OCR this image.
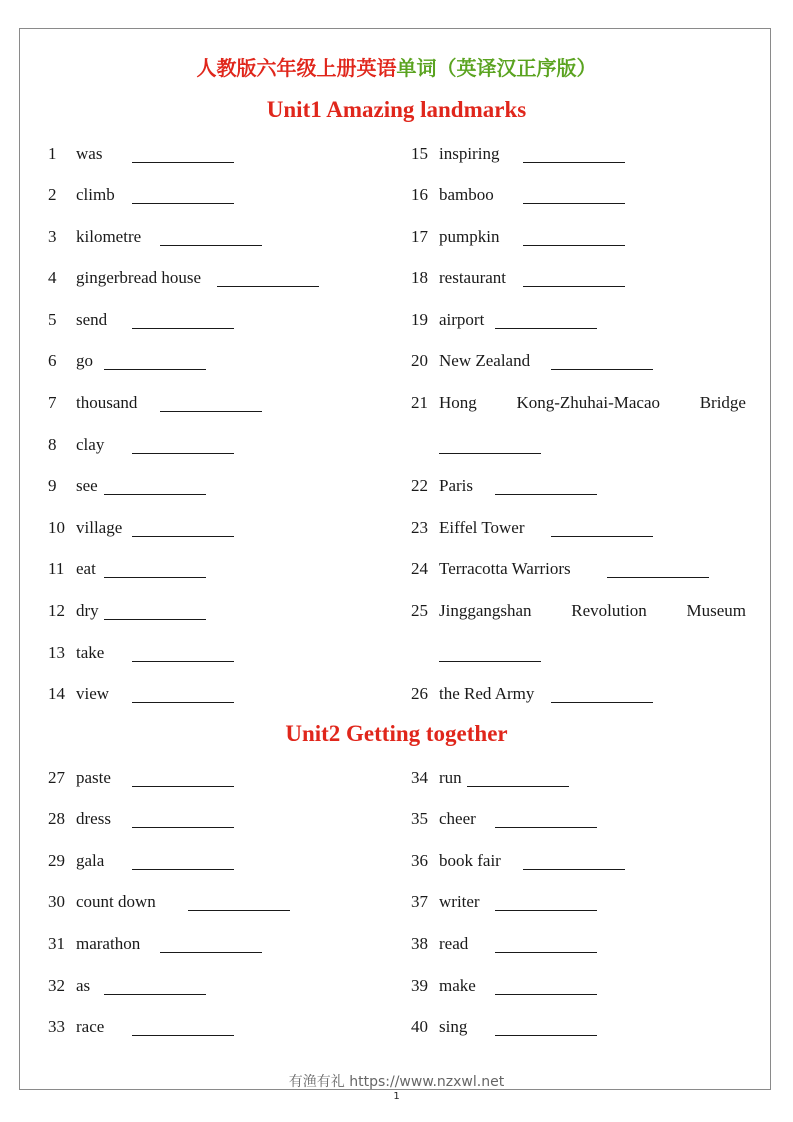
人教版六年级上册英语单词（英译汉正序版）
Unit1 Amazing landmarks
Unit2 Getting together
1 was
2 climb
3 kilometre
4 gingerbread house
5 send
6 go
7 thousand
8 clay
9 see
10 village
11 eat
12 dry
13 take
14 view
27 paste
28 dress
29 gala
30 count down
31 marathon
32 as
33 race
15 inspiring
16 bamboo
17 pumpkin
18 restaurant
19 airport
20 New Zealand
21 Hong Kong-Zhuhai-Macao Bridge
22 Paris
23 Eiffel Tower
24 Terracotta Warriors
25 Jinggangshan Revolution Museum
26 the Red Army
34 run
35 cheer
36 book fair
37 writer
38 read
39 make
40 sing
有渔有礼 https://www.nzxwl.net
1
